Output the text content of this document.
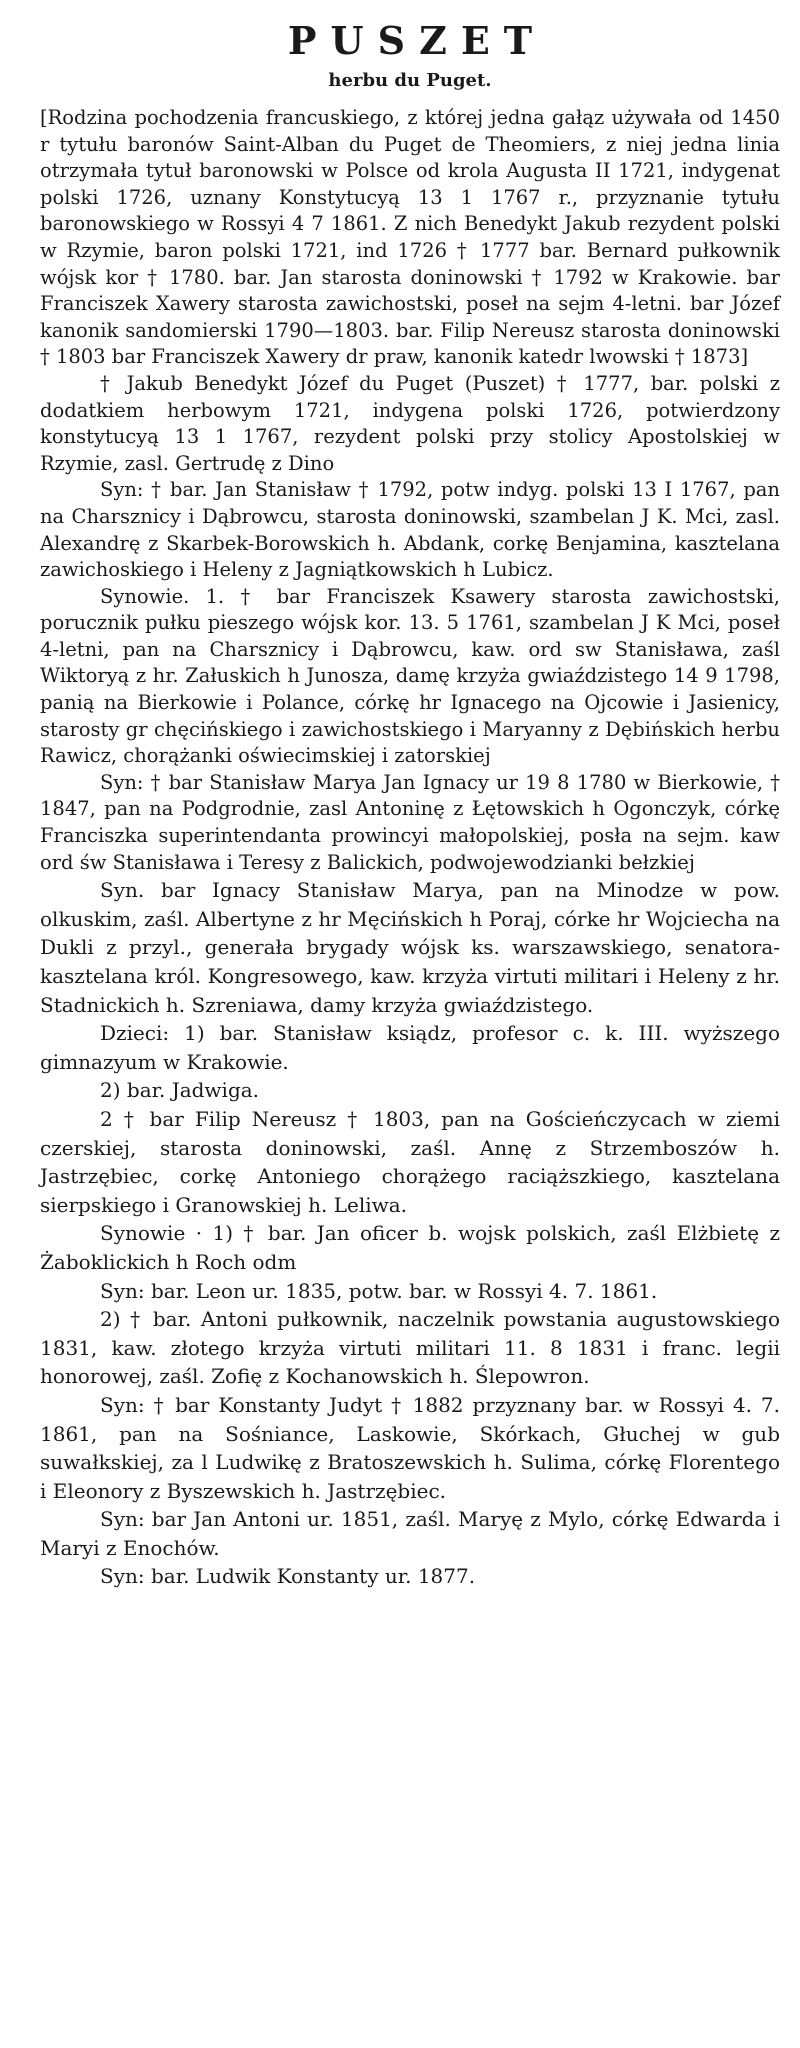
PUSZET
herbu du Puget.

[Rodzina pochodzenia francuskiego, z której jedna gałąz używała od 1450 r tytułu baronów Saint-Alban du Puget de Theomiers, z niej jedna linia otrzymała tytuł baronowski w Polsce od krola Augusta II 1721, indygenat polski 1726, uznany Konstytucyą 13 1 1767 r., przyznanie tytułu baronowskiego w Rossyi 4 7 1861. Z nich Benedykt Jakub rezydent polski w Rzymie, baron polski 1721, ind 1726 † 1777 bar. Bernard pułkownik wójsk kor † 1780. bar. Jan starosta doninowski † 1792 w Krakowie. bar Franciszek Xawery starosta zawichostski, poseł na sejm 4-letni. bar Józef kanonik sandomierski 1790—1803. bar. Filip Nereusz starosta doninowski † 1803 bar Franciszek Xawery dr praw, kanonik katedr lwowski † 1873]

† Jakub Benedykt Józef du Puget (Puszet) † 1777, bar. polski z dodatkiem herbowym 1721, indygena polski 1726, potwierdzony konstytucyą 13 1 1767, rezydent polski przy stolicy Apostolskiej w Rzymie, zasl. Gertrudę z Dino

Syn: † bar. Jan Stanisław † 1792, potw indyg. polski 13 I 1767, pan na Charsznicy i Dąbrowcu, starosta doninowski, szambelan J K. Mci, zasl. Alexandrę z Skarbek-Borowskich h. Abdank, corkę Benjamina, kasztelana zawichoskiego i Heleny z Jagniątkowskich h Lubicz.

Synowie. 1. † bar Franciszek Ksawery starosta zawichostski, porucznik pułku pieszego wójsk kor. 13. 5 1761, szambelan J K Mci, poseł 4-letni, pan na Charsznicy i Dąbrowcu, kaw. ord sw Stanisława, zaśl Wiktoryą z hr. Załuskich h Junosza, damę krzyża gwiaździstego 14 9 1798, panią na Bierkowie i Polance, córkę hr Ignacego na Ojcowie i Jasienicy, starosty gr chęcińskiego i zawichostskiego i Maryanny z Dębińskich herbu Rawicz, chorążanki oświecimskiej i zatorskiej

Syn: † bar Stanisław Marya Jan Ignacy ur 19 8 1780 w Bierkowie, † 1847, pan na Podgrodnie, zasl Antoninę z Łętowskich h Ogonczyk, córkę Franciszka superintendanta prowincyi małopolskiej, posła na sejm. kaw ord św Stanisława i Teresy z Balickich, podwojewodzianki bełzkiej

Syn. bar Ignacy Stanisław Marya, pan na Minodze w pow. olkuskim, zaśl. Albertyne z hr Męcińskich h Poraj, córke hr Wojciecha na Dukli z przyl., generała brygady wójsk ks. warszawskiego, senatora-kasztelana król. Kongresowego, kaw. krzyża virtuti militari i Heleny z hr. Stadnickich h. Szreniawa, damy krzyża gwiaździstego.

Dzieci: 1) bar. Stanisław ksiądz, profesor c. k. III. wyższego gimnazyum w Krakowie.

2) bar. Jadwiga.

2 † bar Filip Nereusz † 1803, pan na Gościeńczycach w ziemi czerskiej, starosta doninowski, zaśl. Annę z Strzemboszów h. Jastrzębiec, corkę Antoniego chorążego raciąższkiego, kasztelana sierpskiego i Granowskiej h. Leliwa.

Synowie · 1) † bar. Jan oficer b. wojsk polskich, zaśl Elżbietę z Żaboklickich h Roch odm

Syn: bar. Leon ur. 1835, potw. bar. w Rossyi 4. 7. 1861.

2) † bar. Antoni pułkownik, naczelnik powstania augustowskiego 1831, kaw. złotego krzyża virtuti militari 11. 8 1831 i franc. legii honorowej, zaśl. Zofię z Kochanowskich h. Ślepowron.

Syn: † bar Konstanty Judyt † 1882 przyznany bar. w Rossyi 4. 7. 1861, pan na Sośniance, Laskowie, Skórkach, Głuchej w gub suwałkskiej, za l Ludwikę z Bratoszewskich h. Sulima, córkę Florentego i Eleonory z Byszewskich h. Jastrzębiec.

Syn: bar Jan Antoni ur. 1851, zaśl. Maryę z Mylo, córkę Edwarda i Maryi z Enochów.

Syn: bar. Ludwik Konstanty ur. 1877.
